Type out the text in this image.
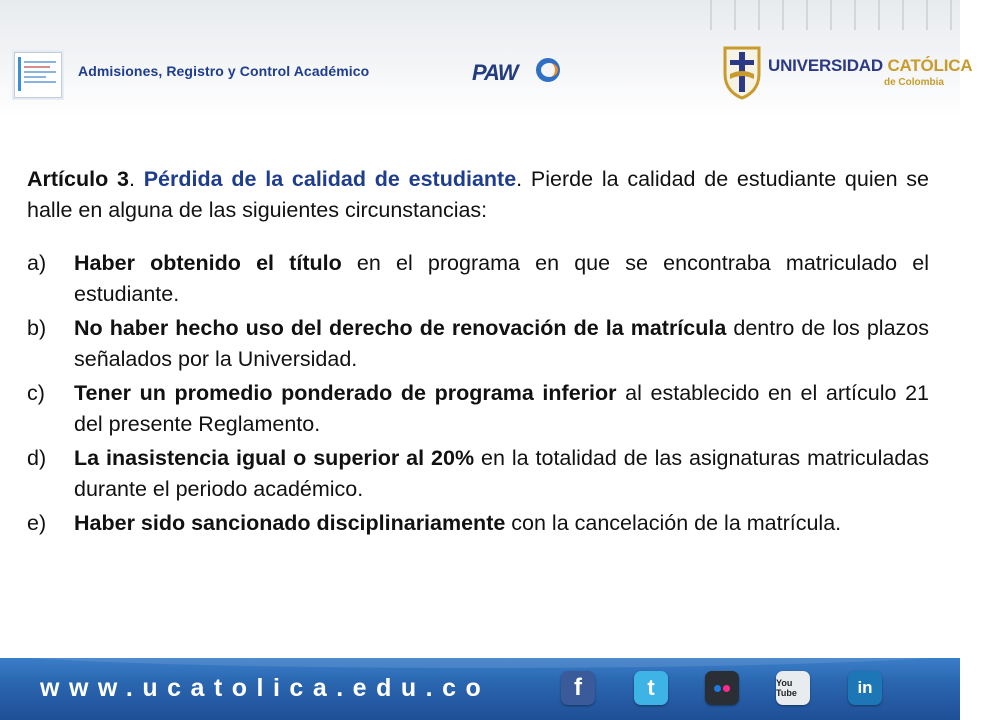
Admisiones, Registro y Control Académico	PAW	UNIVERSIDAD CATÓLICA
de Colombia

Artículo 3. Pérdida de la calidad de estudiante. Pierde la calidad de estudiante quien se halle en alguna de las siguientes circunstancias:

a) Haber obtenido el título en el programa en que se encontraba matriculado el estudiante.
b) No haber hecho uso del derecho de renovación de la matrícula dentro de los plazos señalados por la Universidad.
c) Tener un promedio ponderado de programa inferior al establecido en el artículo 21 del presente Reglamento.
d) La inasistencia igual o superior al 20% en la totalidad de las asignaturas matriculadas durante el periodo académico.
e) Haber sido sancionado disciplinariamente con la cancelación de la matrícula.
www.ucatolica.edu.co	f	t	You Tube	in
